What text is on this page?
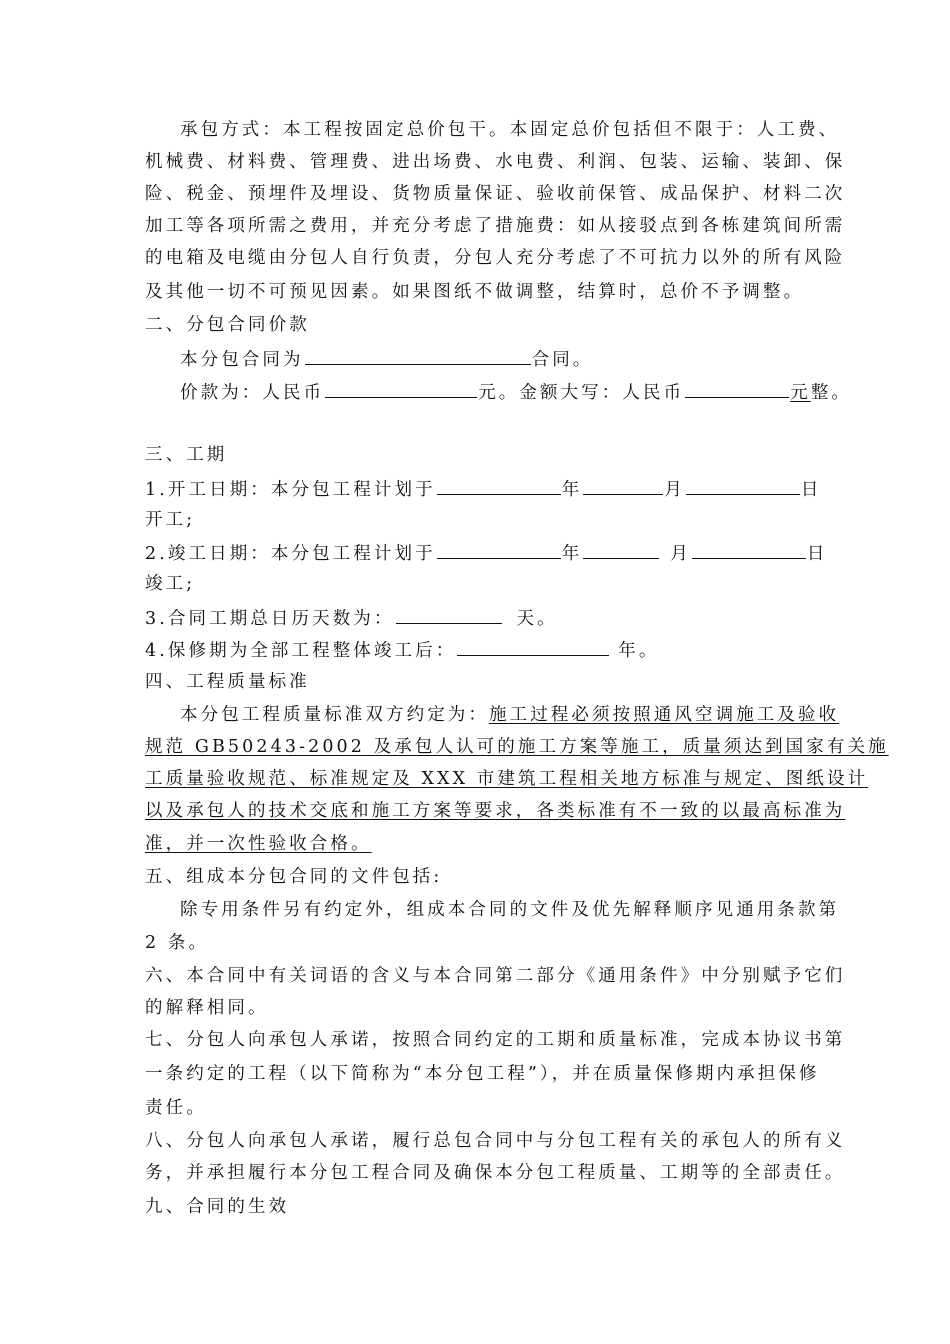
承包方式：本工程按固定总价包干。本固定总价包括但不限于：人工费、
机械费、材料费、管理费、进出场费、水电费、利润、包装、运输、装卸、保
险、税金、预埋件及埋设、货物质量保证、验收前保管、成品保护、材料二次
加工等各项所需之费用，并充分考虑了措施费：如从接驳点到各栋建筑间所需
的电箱及电缆由分包人自行负责，分包人充分考虑了不可抗力以外的所有风险
及其他一切不可预见因素。如果图纸不做调整，结算时，总价不予调整。
二、分包合同价款
本分包合同为	合同。
价款为：人民币	元。金额大写：人民币	元整。
三、工期
1.开工日期：本分包工程计划于	年	月	日
开工;
2.竣工日期：本分包工程计划于	年	月	日
竣工;
3.合同工期总日历天数为：	天。
4.保修期为全部工程整体竣工后：	年。
四、工程质量标准
本分包工程质量标准双方约定为：施工过程必须按照通风空调施工及验收
规范 GB50243-2002 及承包人认可的施工方案等施工，质量须达到国家有关施
工质量验收规范、标准规定及 XXX 市建筑工程相关地方标准与规定、图纸设计
以及承包人的技术交底和施工方案等要求，各类标准有不一致的以最高标准为
准，并一次性验收合格。
五、组成本分包合同的文件包括:
除专用条件另有约定外，组成本合同的文件及优先解释顺序见通用条款第
2 条。
六、本合同中有关词语的含义与本合同第二部分《通用条件》中分别赋予它们
的解释相同。
七、分包人向承包人承诺，按照合同约定的工期和质量标准，完成本协议书第
一条约定的工程（以下简称为“本分包工程”），并在质量保修期内承担保修
责任。
八、分包人向承包人承诺，履行总包合同中与分包工程有关的承包人的所有义
务，并承担履行本分包工程合同及确保本分包工程质量、工期等的全部责任。
九、合同的生效
